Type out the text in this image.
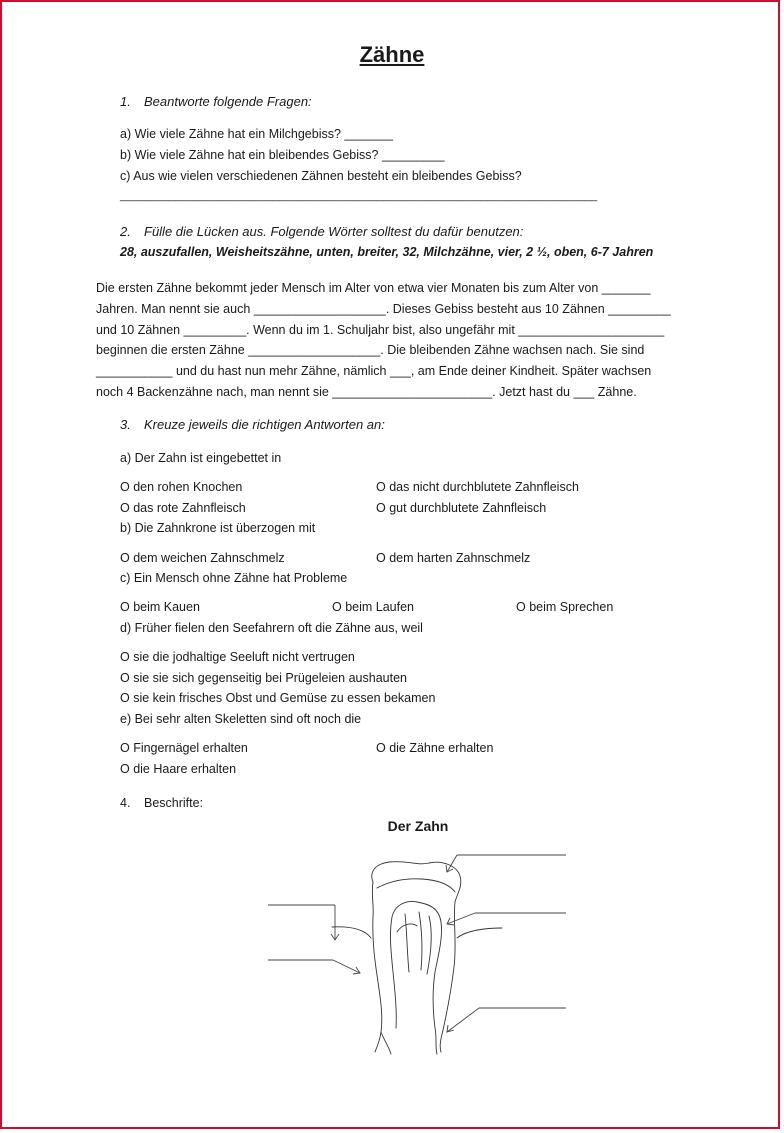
Zähne
1. Beantworte folgende Fragen:
a) Wie viele Zähne hat ein Milchgebiss? _______
b) Wie viele Zähne hat ein bleibendes Gebiss? _________
c) Aus wie vielen verschiedenen Zähnen besteht ein bleibendes Gebiss?
______________________________________________________________________________
2. Fülle die Lücken aus. Folgende Wörter solltest du dafür benutzen:
28, auszufallen, Weisheitszähne, unten, breiter, 32, Milchzähne, vier, 2 ½, oben, 6-7 Jahren
Die ersten Zähne bekommt jeder Mensch im Alter von etwa vier Monaten bis zum Alter von _______
Jahren. Man nennt sie auch ___________________. Dieses Gebiss besteht aus 10 Zähnen _________
und 10 Zähnen _________. Wenn du im 1. Schuljahr bist, also ungefähr mit _____________________
beginnen die ersten Zähne ___________________. Die bleibenden Zähne wachsen nach. Sie sind
___________ und du hast nun mehr Zähne, nämlich ___, am Ende deiner Kindheit. Später wachsen
noch 4 Backenzähne nach, man nennt sie _______________________. Jetzt hast du ___ Zähne.
3. Kreuze jeweils die richtigen Antworten an:
a) Der Zahn ist eingebettet in
O den rohen Knochen	O das nicht durchblutete Zahnfleisch
O das rote Zahnfleisch	O gut durchblutete Zahnfleisch
b) Die Zahnkrone ist überzogen mit
O dem weichen Zahnschmelz	O dem harten Zahnschmelz
c) Ein Mensch ohne Zähne hat Probleme
O beim Kauen	O beim Laufen	O beim Sprechen
d) Früher fielen den Seefahrern oft die Zähne aus, weil
O sie die jodhaltige Seeluft nicht vertrugen
O sie sie sich gegenseitig bei Prügeleien aushauten
O sie kein frisches Obst und Gemüse zu essen bekamen
e) Bei sehr alten Skeletten sind oft noch die
O Fingernägel erhalten	O die Zähne erhalten
O die Haare erhalten
4. Beschrifte:
Der Zahn
